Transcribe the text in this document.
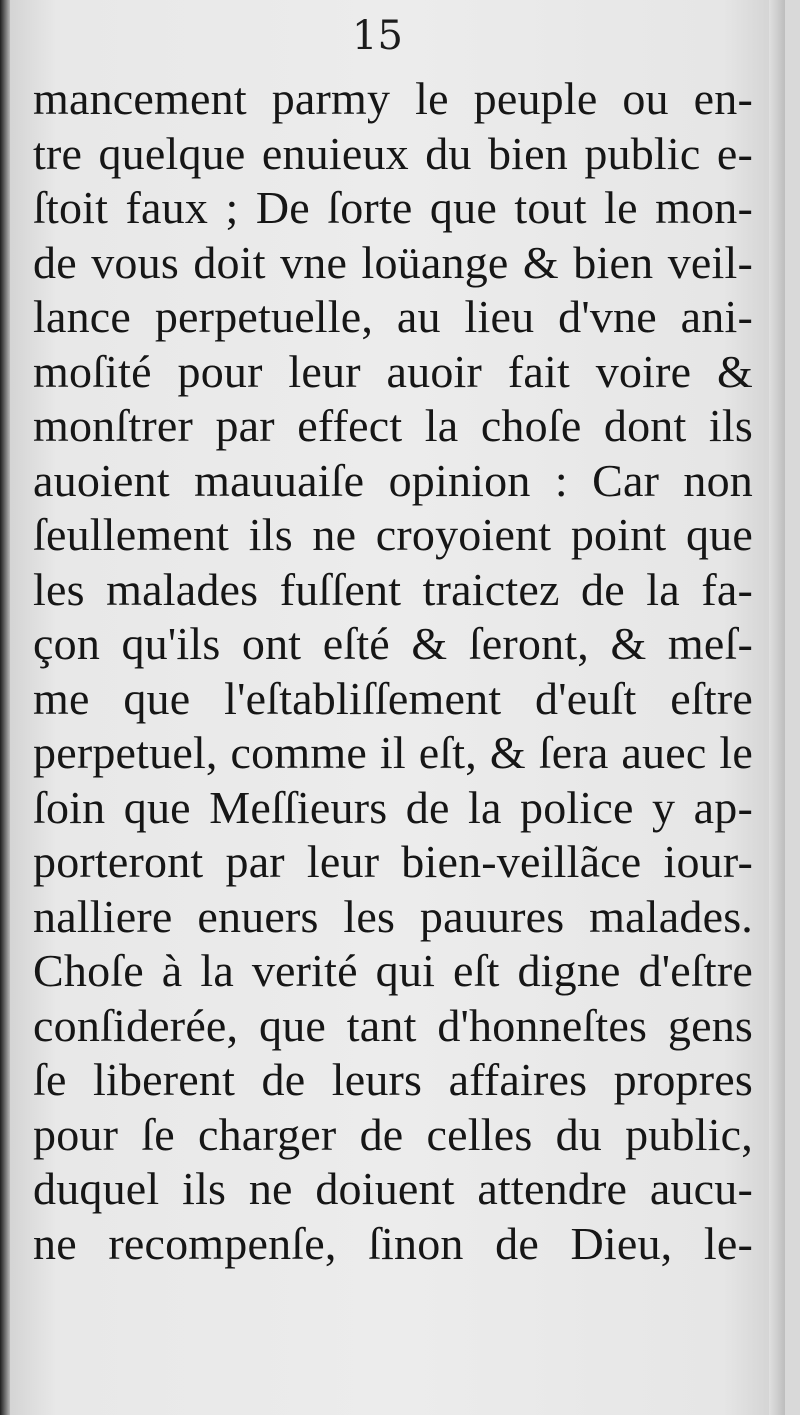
15
mancement parmy le peuple ou en-
tre quelque enuieux du bien public e-
ſtoit faux ; De ſorte que tout le mon-
de vous doit vne loüange & bien veil-
lance perpetuelle, au lieu d'vne ani-
moſité pour leur auoir fait voire &
monſtrer par effect la choſe dont ils
auoient mauuaiſe opinion : Car non
ſeullement ils ne croyoient point que
les malades fuſſent traictez de la fa-
çon qu'ils ont eſté & ſeront, & meſ-
me que l'eſtabliſſement d'euſt eſtre
perpetuel, comme il eſt, & ſera auec le
ſoin que Meſſieurs de la police y ap-
porteront par leur bien-veillãce iour-
nalliere enuers les pauures malades.
Choſe à la verité qui eſt digne d'eſtre
conſiderée, que tant d'honneſtes gens
ſe liberent de leurs affaires propres
pour ſe charger de celles du public,
duquel ils ne doiuent attendre aucu-
ne recompenſe, ſinon de Dieu, le-
